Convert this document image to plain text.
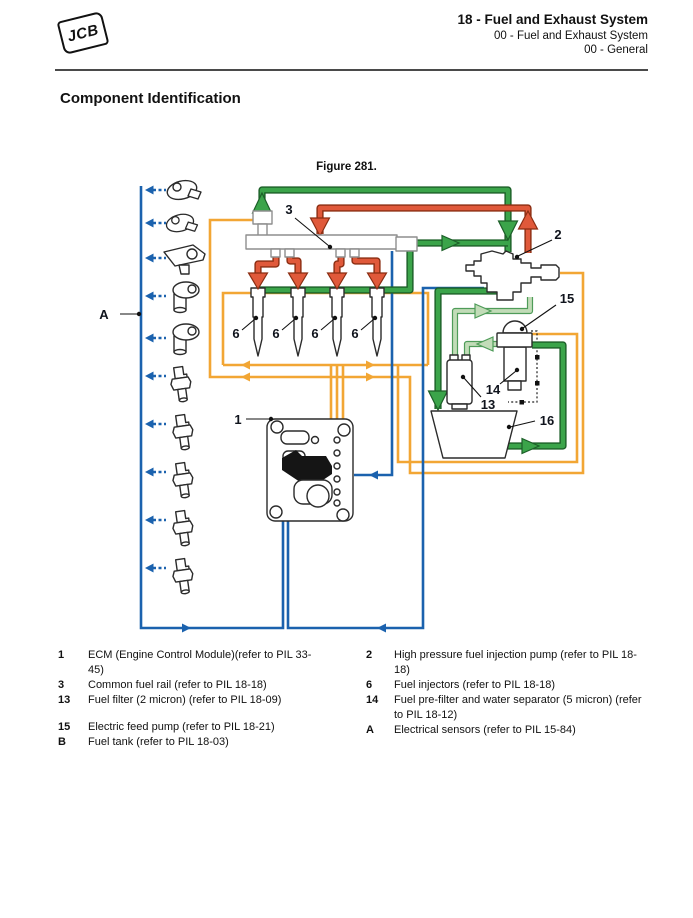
JCB
18 - Fuel and Exhaust System
00 - Fuel and Exhaust System
00 - General
Component Identification
Figure 281.
A
1
2
3
6	6 6	6
13
14
15
16
1	ECM (Engine Control Module)(refer to PIL 33-45)
3	Common fuel rail (refer to PIL 18-18)
13	Fuel filter (2 micron) (refer to PIL 18-09)
15	Electric feed pump (refer to PIL 18-21)
B	Fuel tank (refer to PIL 18-03)
2	High pressure fuel injection pump (refer to PIL 18-18)
6	Fuel injectors (refer to PIL 18-18)
14	Fuel pre-filter and water separator (5 micron) (refer to PIL 18-12)
A	Electrical sensors (refer to PIL 15-84)
